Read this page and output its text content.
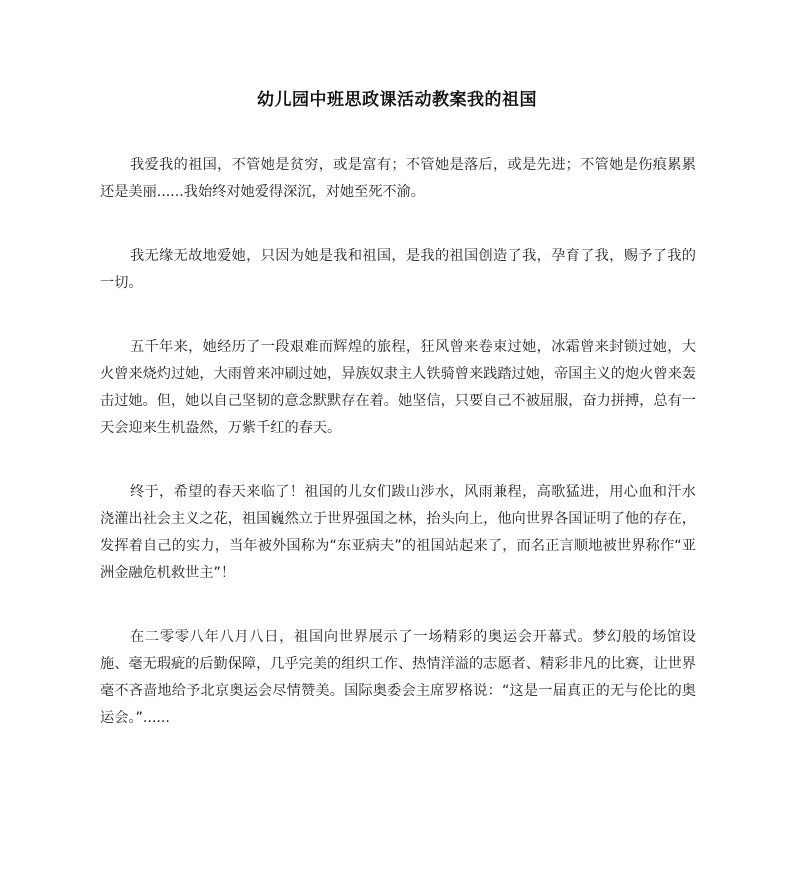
幼儿园中班思政课活动教案我的祖国

我爱我的祖国，不管她是贫穷，或是富有；不管她是落后，或是先进；不管她是伤痕累累还是美丽......我始终对她爱得深沉，对她至死不渝。

我无缘无故地爱她，只因为她是我和祖国，是我的祖国创造了我，孕育了我，赐予了我的一切。

五千年来，她经历了一段艰难而辉煌的旅程，狂风曾来卷束过她，冰霜曾来封锁过她，大火曾来烧灼过她，大雨曾来冲刷过她，异族奴隶主人铁骑曾来践踏过她，帝国主义的炮火曾来轰击过她。但，她以自己坚韧的意念默默存在着。她坚信，只要自己不被屈服，奋力拼搏，总有一天会迎来生机盎然，万紫千红的春天。

终于，希望的春天来临了！祖国的儿女们跋山涉水，风雨兼程，高歌猛进，用心血和汗水浇灌出社会主义之花，祖国巍然立于世界强国之林，抬头向上，他向世界各国证明了他的存在，发挥着自己的实力，当年被外国称为“东亚病夫”的祖国站起来了，而名正言顺地被世界称作“亚洲金融危机救世主”！

在二零零八年八月八日，祖国向世界展示了一场精彩的奥运会开幕式。梦幻般的场馆设施、毫无瑕疵的后勤保障，几乎完美的组织工作、热情洋溢的志愿者、精彩非凡的比赛，让世界毫不吝啬地给予北京奥运会尽情赞美。国际奥委会主席罗格说：“这是一届真正的无与伦比的奥运会。”......
